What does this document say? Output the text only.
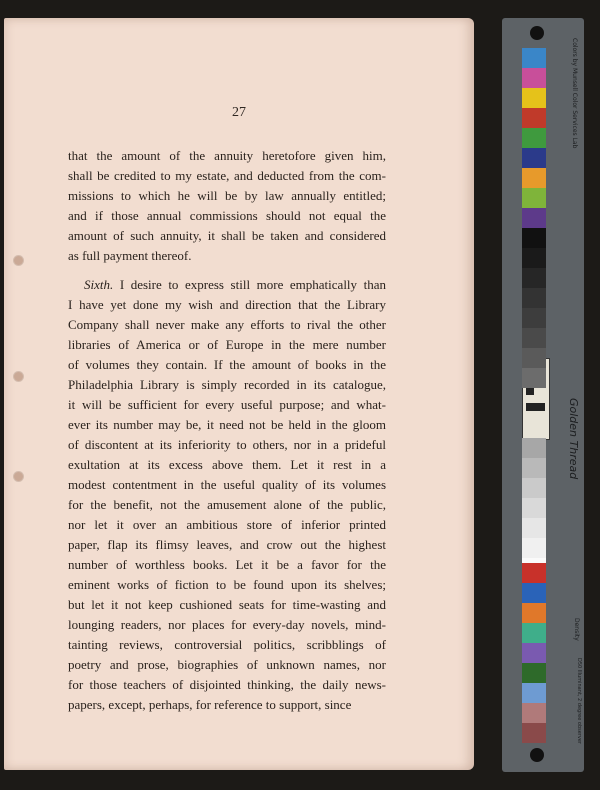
27
that the amount of the annuity heretofore given him,
shall be credited to my estate, and deducted from the com-
missions to which he will be by law annually entitled;
and if those annual commissions should not equal the
amount of such annuity, it shall be taken and considered
as full payment thereof.
Sixth. I desire to express still more emphatically than
I have yet done my wish and direction that the Library
Company shall never make any efforts to rival the other
libraries of America or of Europe in the mere number
of volumes they contain. If the amount of books in the
Philadelphia Library is simply recorded in its catalogue,
it will be sufficient for every useful purpose; and what-
ever its number may be, it need not be held in the gloom
of discontent at its inferiority to others, nor in a prideful
exultation at its excess above them. Let it rest in a
modest contentment in the useful quality of its volumes
for the benefit, not the amusement alone of the public,
nor let it over an ambitious store of inferior printed
paper, flap its flimsy leaves, and crow out the highest
number of worthless books. Let it be a favor for the
eminent works of fiction to be found upon its shelves;
but let it not keep cushioned seats for time-wasting and
lounging readers, nor places for every-day novels, mind-
tainting reviews, controversial politics, scribblings of
poetry and prose, biographies of unknown names, nor
for those teachers of disjointed thinking, the daily news-
papers, except, perhaps, for reference to support, since
Colors by Munsell Color Services Lab
Golden Thread
Density
D50 Illuminant, 2 degree observer
